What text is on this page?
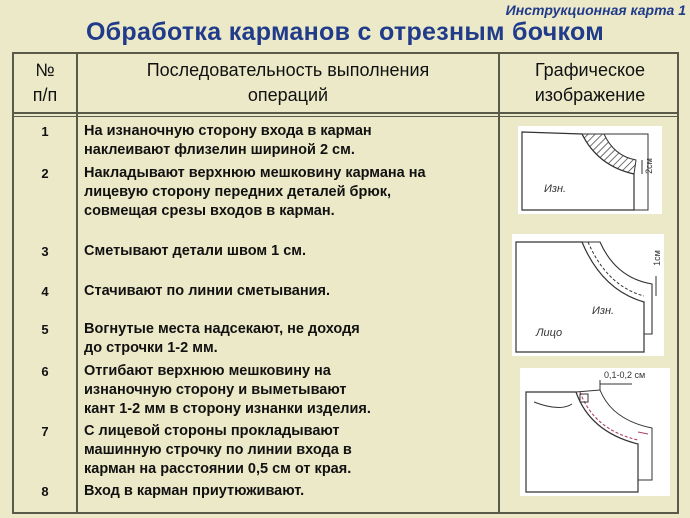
Инструкционная карта 1
Обработка карманов с отрезным бочком
№
п/п
Последовательность выполнения
операций
Графическое
изображение
1	На изнаночную сторону входа в карман
наклеивают флизелин шириной 2 см.
2	Накладывают верхнюю мешковину кармана на
лицевую сторону передних деталей брюк,
совмещая срезы входов в карман.
3	Сметывают детали швом 1 см.
4	Стачивают по линии сметывания.
5	Вогнутые места надсекают, не доходя
до строчки 1-2 мм.
6	Отгибают верхнюю мешковину на
изнаночную сторону и выметывают
кант 1-2 мм в сторону изнанки изделия.
7	С лицевой стороны прокладывают
машинную строчку по линии входа в
карман на расстоянии 0,5 см от края.
8	Вход в карман приутюживают.
2см
Изн.
1см
Изн.
Лицо
0,1-0,2 см
